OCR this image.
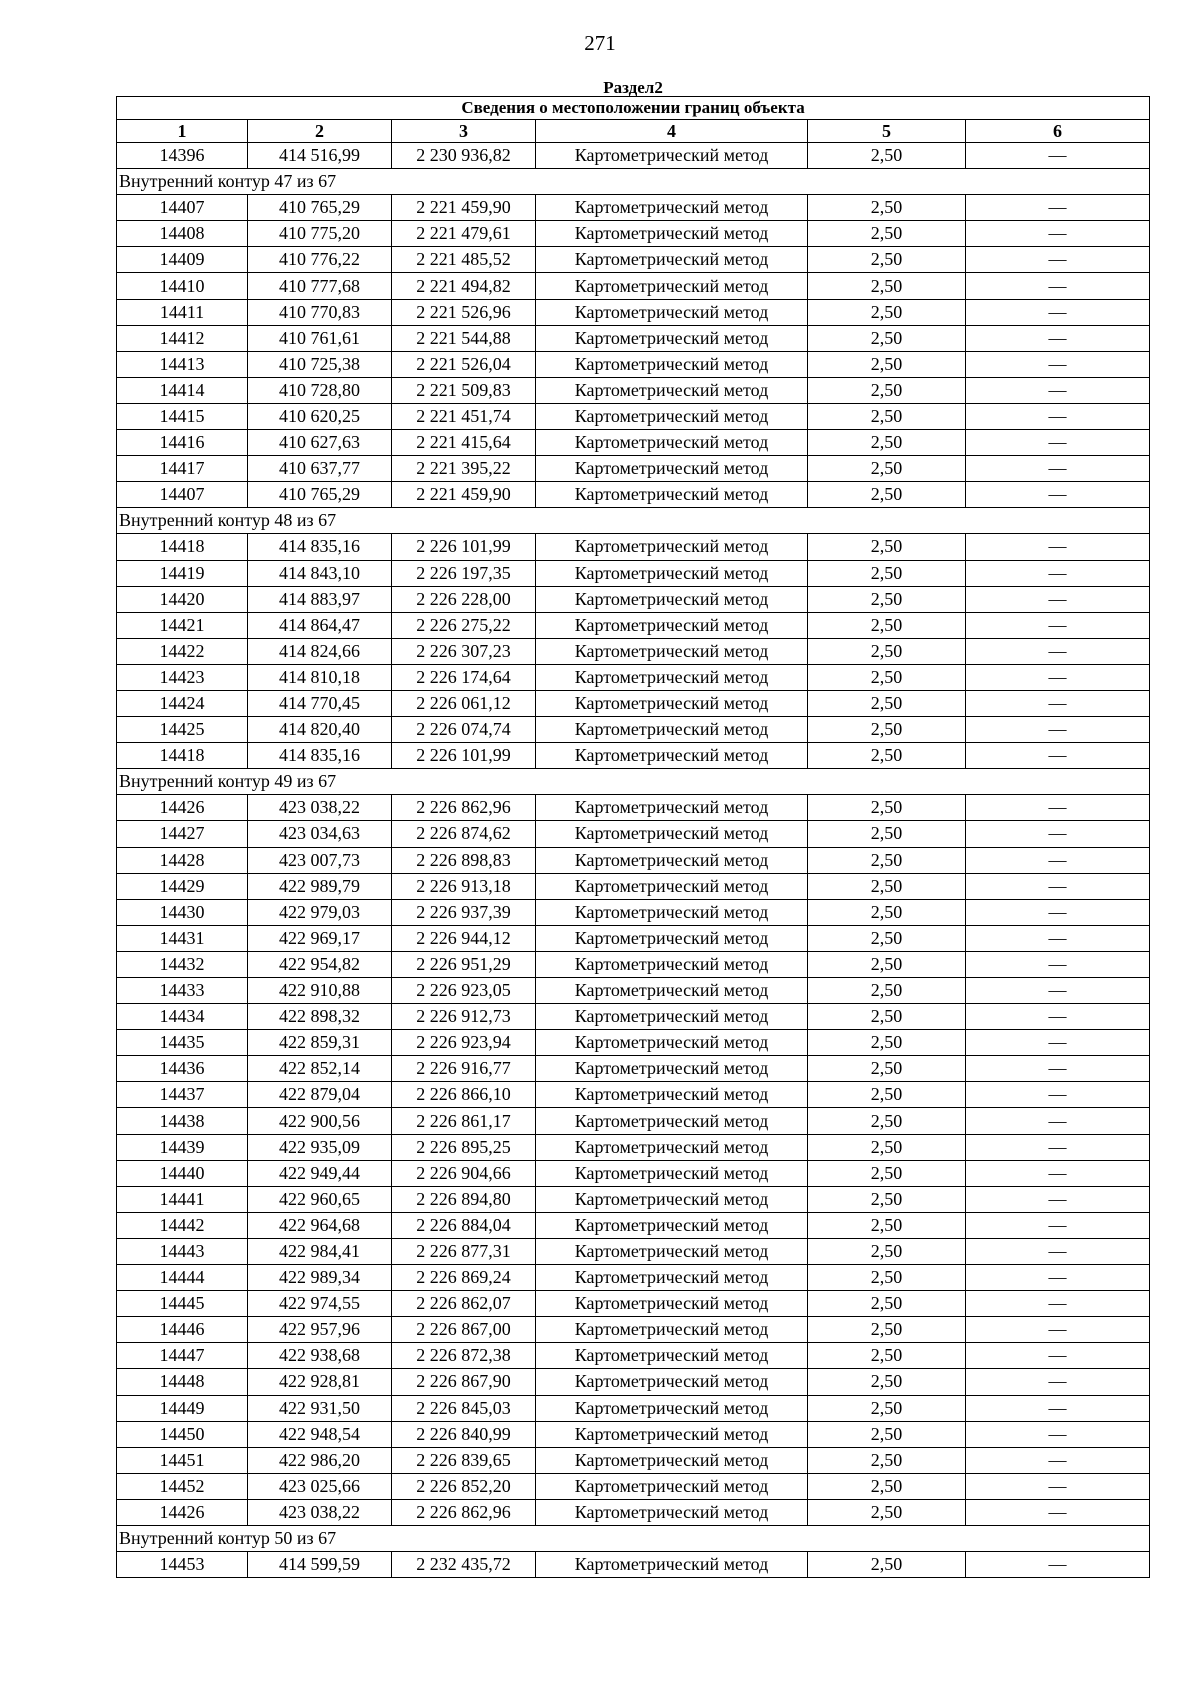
271
Раздел2					
Сведения о местоположении границ объекта					
1	2	3	4	5	6
14396	414 516,99	2 230 936,82	Картометрический метод	2,50	—
Внутренний контур 47 из 67					
14407	410 765,29	2 221 459,90	Картометрический метод	2,50	—
14408	410 775,20	2 221 479,61	Картометрический метод	2,50	—
14409	410 776,22	2 221 485,52	Картометрический метод	2,50	—
14410	410 777,68	2 221 494,82	Картометрический метод	2,50	—
14411	410 770,83	2 221 526,96	Картометрический метод	2,50	—
14412	410 761,61	2 221 544,88	Картометрический метод	2,50	—
14413	410 725,38	2 221 526,04	Картометрический метод	2,50	—
14414	410 728,80	2 221 509,83	Картометрический метод	2,50	—
14415	410 620,25	2 221 451,74	Картометрический метод	2,50	—
14416	410 627,63	2 221 415,64	Картометрический метод	2,50	—
14417	410 637,77	2 221 395,22	Картометрический метод	2,50	—
14407	410 765,29	2 221 459,90	Картометрический метод	2,50	—
Внутренний контур 48 из 67					
14418	414 835,16	2 226 101,99	Картометрический метод	2,50	—
14419	414 843,10	2 226 197,35	Картометрический метод	2,50	—
14420	414 883,97	2 226 228,00	Картометрический метод	2,50	—
14421	414 864,47	2 226 275,22	Картометрический метод	2,50	—
14422	414 824,66	2 226 307,23	Картометрический метод	2,50	—
14423	414 810,18	2 226 174,64	Картометрический метод	2,50	—
14424	414 770,45	2 226 061,12	Картометрический метод	2,50	—
14425	414 820,40	2 226 074,74	Картометрический метод	2,50	—
14418	414 835,16	2 226 101,99	Картометрический метод	2,50	—
Внутренний контур 49 из 67					
14426	423 038,22	2 226 862,96	Картометрический метод	2,50	—
14427	423 034,63	2 226 874,62	Картометрический метод	2,50	—
14428	423 007,73	2 226 898,83	Картометрический метод	2,50	—
14429	422 989,79	2 226 913,18	Картометрический метод	2,50	—
14430	422 979,03	2 226 937,39	Картометрический метод	2,50	—
14431	422 969,17	2 226 944,12	Картометрический метод	2,50	—
14432	422 954,82	2 226 951,29	Картометрический метод	2,50	—
14433	422 910,88	2 226 923,05	Картометрический метод	2,50	—
14434	422 898,32	2 226 912,73	Картометрический метод	2,50	—
14435	422 859,31	2 226 923,94	Картометрический метод	2,50	—
14436	422 852,14	2 226 916,77	Картометрический метод	2,50	—
14437	422 879,04	2 226 866,10	Картометрический метод	2,50	—
14438	422 900,56	2 226 861,17	Картометрический метод	2,50	—
14439	422 935,09	2 226 895,25	Картометрический метод	2,50	—
14440	422 949,44	2 226 904,66	Картометрический метод	2,50	—
14441	422 960,65	2 226 894,80	Картометрический метод	2,50	—
14442	422 964,68	2 226 884,04	Картометрический метод	2,50	—
14443	422 984,41	2 226 877,31	Картометрический метод	2,50	—
14444	422 989,34	2 226 869,24	Картометрический метод	2,50	—
14445	422 974,55	2 226 862,07	Картометрический метод	2,50	—
14446	422 957,96	2 226 867,00	Картометрический метод	2,50	—
14447	422 938,68	2 226 872,38	Картометрический метод	2,50	—
14448	422 928,81	2 226 867,90	Картометрический метод	2,50	—
14449	422 931,50	2 226 845,03	Картометрический метод	2,50	—
14450	422 948,54	2 226 840,99	Картометрический метод	2,50	—
14451	422 986,20	2 226 839,65	Картометрический метод	2,50	—
14452	423 025,66	2 226 852,20	Картометрический метод	2,50	—
14426	423 038,22	2 226 862,96	Картометрический метод	2,50	—
Внутренний контур 50 из 67					
14453	414 599,59	2 232 435,72	Картометрический метод	2,50	—
